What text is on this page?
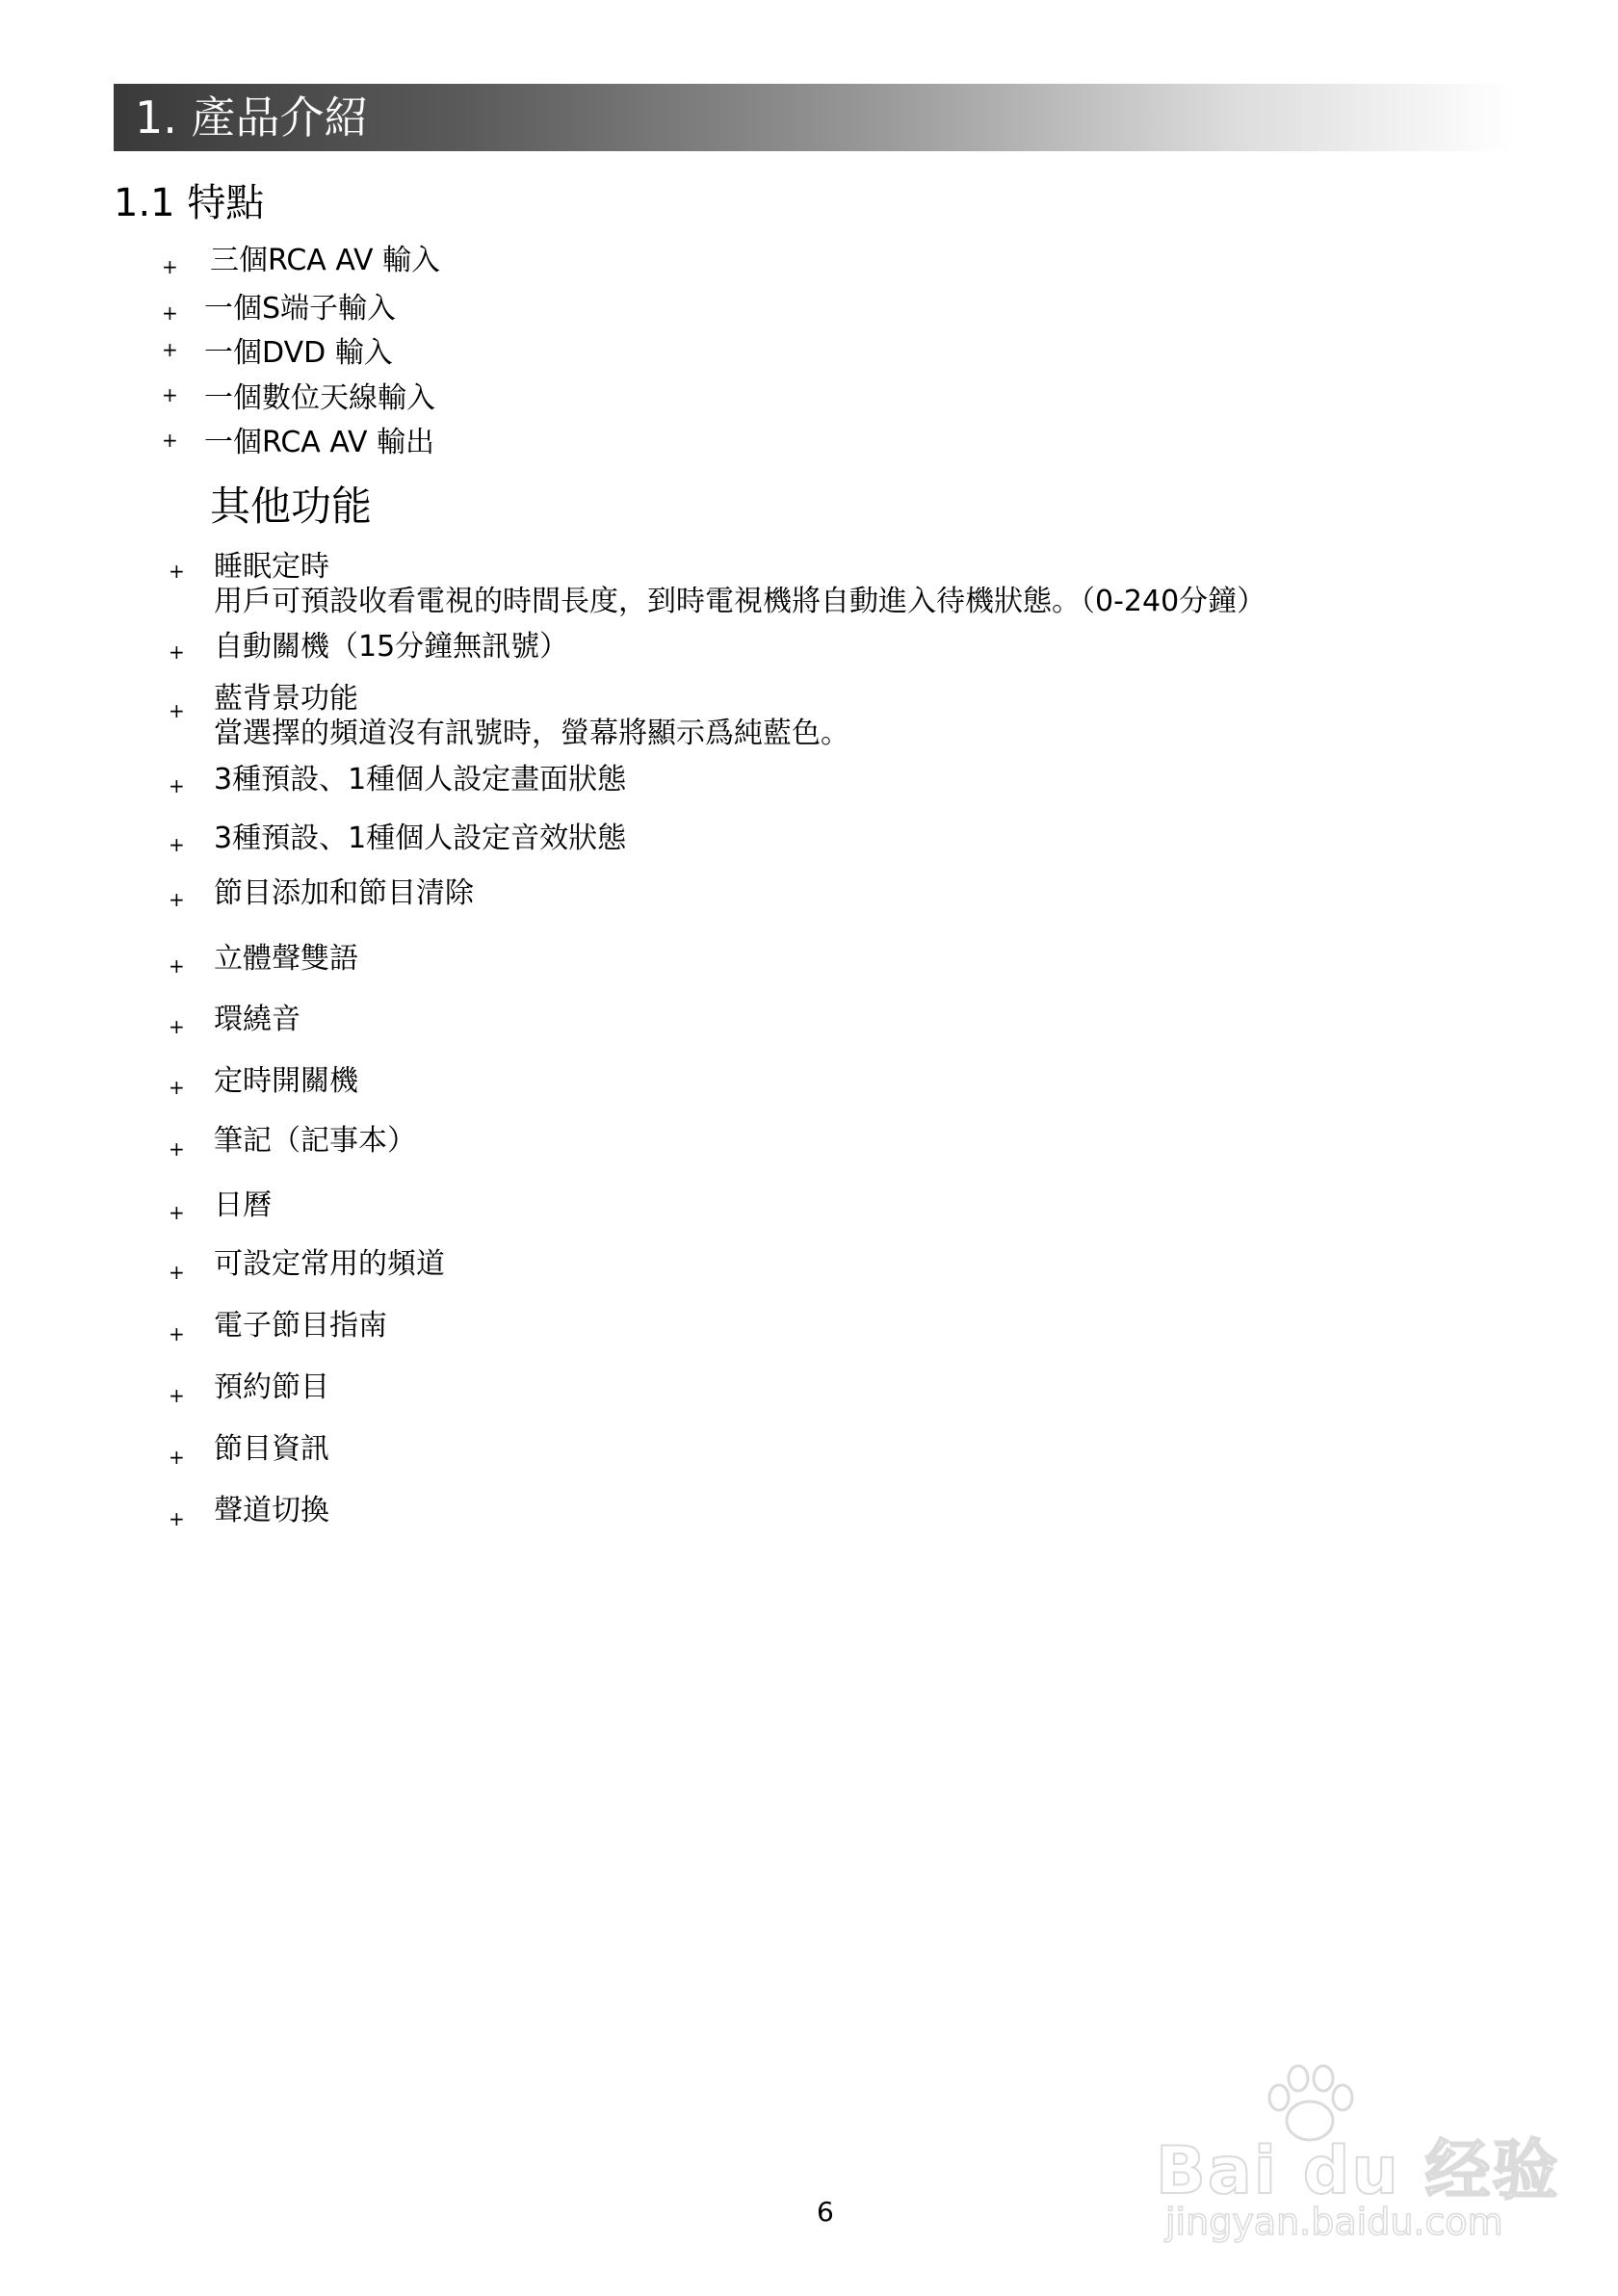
1. 產品介紹
1.1 特點
+ 三個RCA AV 輸入
+ 一個S端子輸入
+ 一個DVD 輸入
+ 一個數位天線輸入
+ 一個RCA AV 輸出
其他功能
+ 睡眠定時
用戶可預設收看電視的時間長度，到時電視機將自動進入待機狀態。（0-240分鐘）
+ 自動關機（15分鐘無訊號）
+ 藍背景功能
當選擇的頻道沒有訊號時，螢幕將顯示爲純藍色。
+ 3種預設、1種個人設定畫面狀態
+ 3種預設、1種個人設定音效狀態
+ 節目添加和節目清除
+ 立體聲雙語
+ 環繞音
+ 定時開關機
+ 筆記（記事本）
+ 日曆
+ 可設定常用的頻道
+ 電子節目指南
+ 預約節目
+ 節目資訊
+ 聲道切換
Bai du 经验
jingyan.baidu.com
6
